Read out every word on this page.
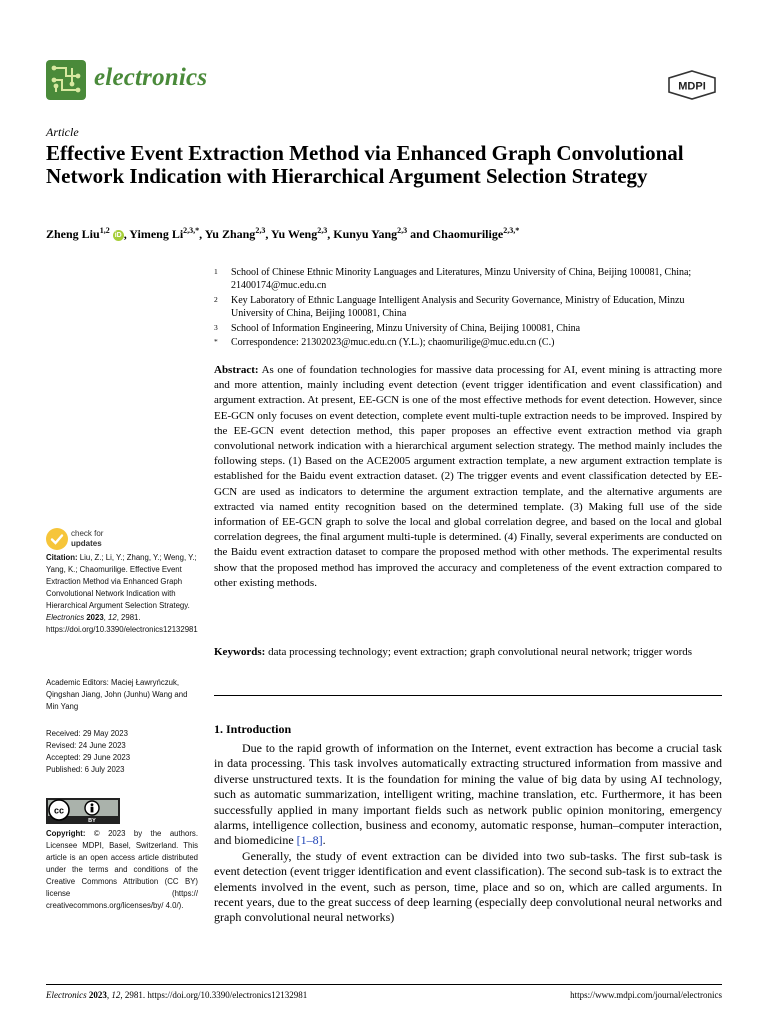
electronics	MDPI
Article
Effective Event Extraction Method via Enhanced Graph Convolutional Network Indication with Hierarchical Argument Selection Strategy
Zheng Liu$^{1,2}$ iD , Yimeng $Li^{2,3,*}$, Yu Zhang$^{2,3}$, Yu Weng$^{2,3}$, Kunyu Yang$^{2,3}$ and Chaomurilige$^{2,3,*}$
1 School of Chinese Ethnic Minority Languages and Literatures, Minzu University of China, Beijing 100081, China; 21400174@muc.edu.cn
2 Key Laboratory of Ethnic Language Intelligent Analysis and Security Governance, Ministry of Education, Minzu University of China, Beijing 100081, China
3 School of Information Engineering, Minzu University of China, Beijing 100081, China
* Correspondence: 21302023@muc.edu.cn (Y.L.); chaomurilige@muc.edu.cn (C.)
Abstract: As one of foundation technologies for massive data processing for AI, event mining is attracting more and more attention, mainly including event detection (event trigger identification and event classification) and argument extraction. At present, EE-GCN is one of the most effective methods for event detection. However, since EE-GCN only focuses on event detection, complete event multi-tuple extraction needs to be improved. Inspired by the EE-GCN event detection method, this paper proposes an effective event extraction method via graph convolutional network indication with a hierarchical argument selection strategy. The method mainly includes the following steps. (1) Based on the ACE2005 argument extraction template, a new argument extraction template is established for the Baidu event extraction dataset. (2) The trigger events and event classification detected by EE-GCN are used as indicators to determine the argument extraction template, and the alternative arguments are extracted via named entity recognition based on the determined template. (3) Making full use of the side information of EE-GCN graph to solve the local and global correlation degree, and based on the local and global correlation degrees, the final argument multi-tuple is determined. (4) Finally, several experiments are conducted on the Baidu event extraction dataset to compare the proposed method with other methods. The experimental results show that the proposed method has improved the accuracy and completeness of the event extraction compared to other existing methods.
Keywords: data processing technology; event extraction; graph convolutional neural network; trigger words
1. Introduction

Due to the rapid growth of information on the Internet, event extraction has become a crucial task in data processing. This task involves automatically extracting structured information from massive and diverse unstructured texts. It is the foundation for mining the value of big data by using AI technology, such as automatic summarization, intelligent writing, machine translation, etc. Furthermore, it has been successfully applied in many important fields such as network public opinion monitoring, emergency alarms, intelligence collection, business and economy, automatic response, human–computer interaction, and biomedicine [1–8].

Generally, the study of event extraction can be divided into two sub-tasks. The first sub-task is event detection (event trigger identification and event classification). The second sub-task is to extract the elements involved in the event, such as person, time, place and so on, which are called arguments. In recent years, due to the great success of deep learning (especially deep convolutional neural networks and graph convolutional neural networks)

check for
updates
Citation: Liu, Z.; Li, Y.; Zhang, Y.; Weng, Y.; Yang, K.; Chaomurilige. Effective Event Extraction Method via Enhanced Graph Convolutional Network Indication with Hierarchical Argument Selection Strategy. Electronics 2023, 12, 2981. https://doi.org/10.3390/electronics12132981
Academic Editors: Maciej Ławryńczuk, Qingshan Jiang, John (Junhu) Wang and Min Yang
Received: 29 May 2023
Revised: 24 June 2023
Accepted: 29 June 2023
Published: 6 July 2023
cc
BY
Copyright: © 2023 by the authors. Licensee MDPI, Basel, Switzerland. This article is an open access article distributed under the terms and conditions of the Creative Commons Attribution (CC BY) license (https:// creativecommons.org/licenses/by/ 4.0/).
Electronics 2023, 12, 2981. https://doi.org/10.3390/electronics12132981	https://www.mdpi.com/journal/electronics
